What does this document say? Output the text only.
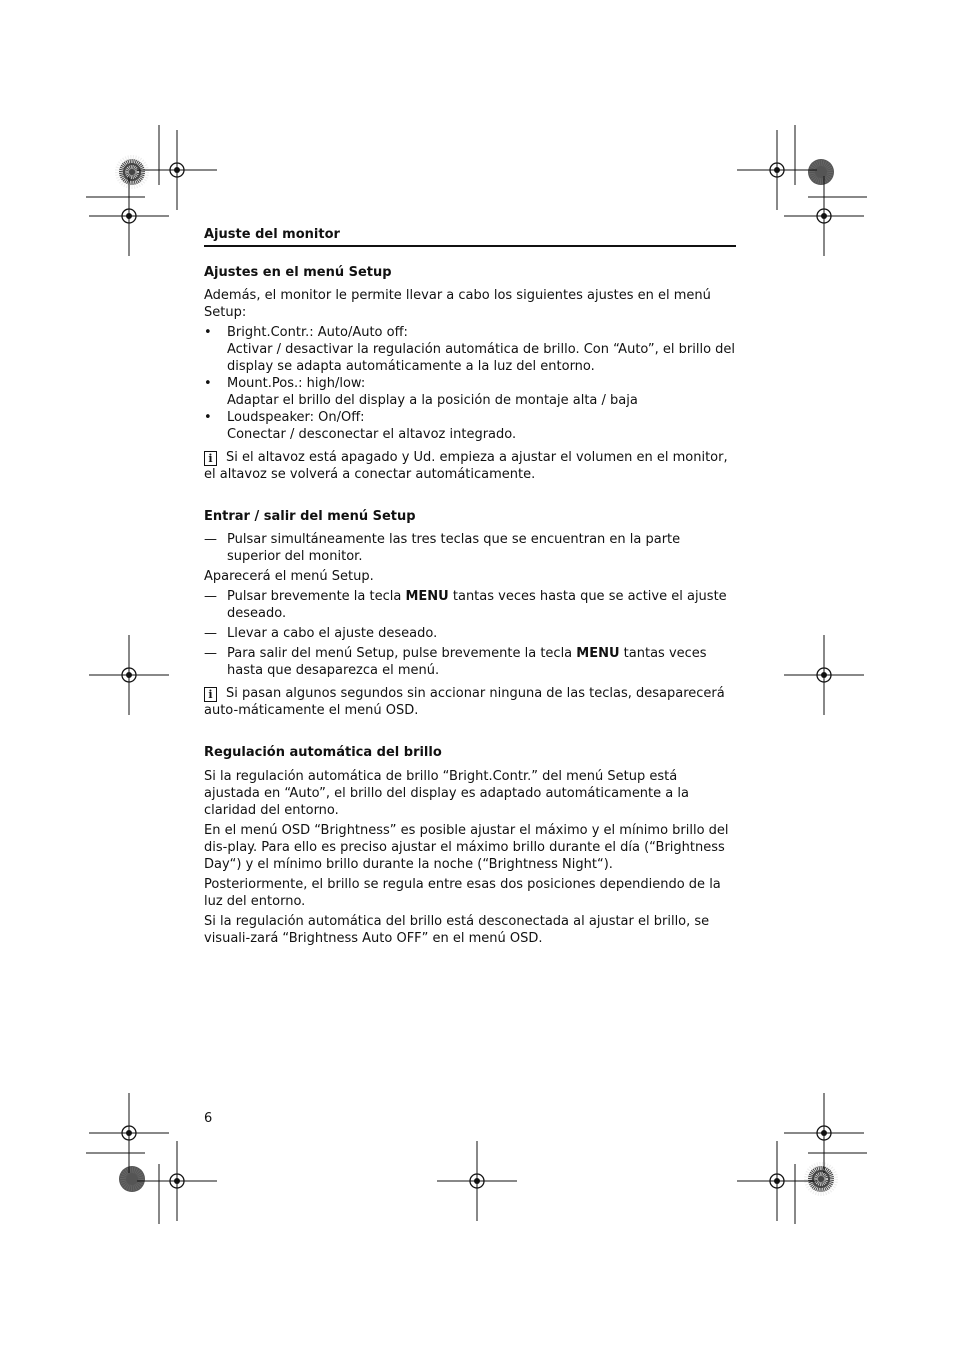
Ajuste del monitor
Ajustes en el menú Setup

Además, el monitor le permite llevar a cabo los siguientes ajustes en el menú Setup:

• Bright.Contr.: Auto/Auto off:
Activar / desactivar la regulación automática de brillo. Con “Auto”, el brillo del display se adapta automáticamente a la luz del entorno.
• Mount.Pos.: high/low:
Adaptar el brillo del display a la posición de montaje alta / baja
• Loudspeaker: On/Off:
Conectar / desconectar el altavoz integrado.

i Si el altavoz está apagado y Ud. empieza a ajustar el volumen en el monitor, el altavoz se volverá a conectar automáticamente.

Entrar / salir del menú Setup
— Pulsar simultáneamente las tres teclas que se encuentran en la parte superior del monitor.

Aparecerá el menú Setup.

— Pulsar brevemente la tecla MENU tantas veces hasta que se active el ajuste deseado.
— Llevar a cabo el ajuste deseado.
— Para salir del menú Setup, pulse brevemente la tecla MENU tantas veces hasta que desaparezca el menú.

i Si pasan algunos segundos sin accionar ninguna de las teclas, desaparecerá auto-máticamente el menú OSD.

Regulación automática del brillo

Si la regulación automática de brillo “Bright.Contr.” del menú Setup está ajustada en “Auto”, el brillo del display es adaptado automáticamente a la claridad del entorno.

En el menú OSD “Brightness” es posible ajustar el máximo y el mínimo brillo del dis-play. Para ello es preciso ajustar el máximo brillo durante el día (“Brightness Day“) y el mínimo brillo durante la noche (“Brightness Night“).

Posteriormente, el brillo se regula entre esas dos posiciones dependiendo de la luz del entorno.

Si la regulación automática del brillo está desconectada al ajustar el brillo, se visuali-zará “Brightness Auto OFF” en el menú OSD.

6
